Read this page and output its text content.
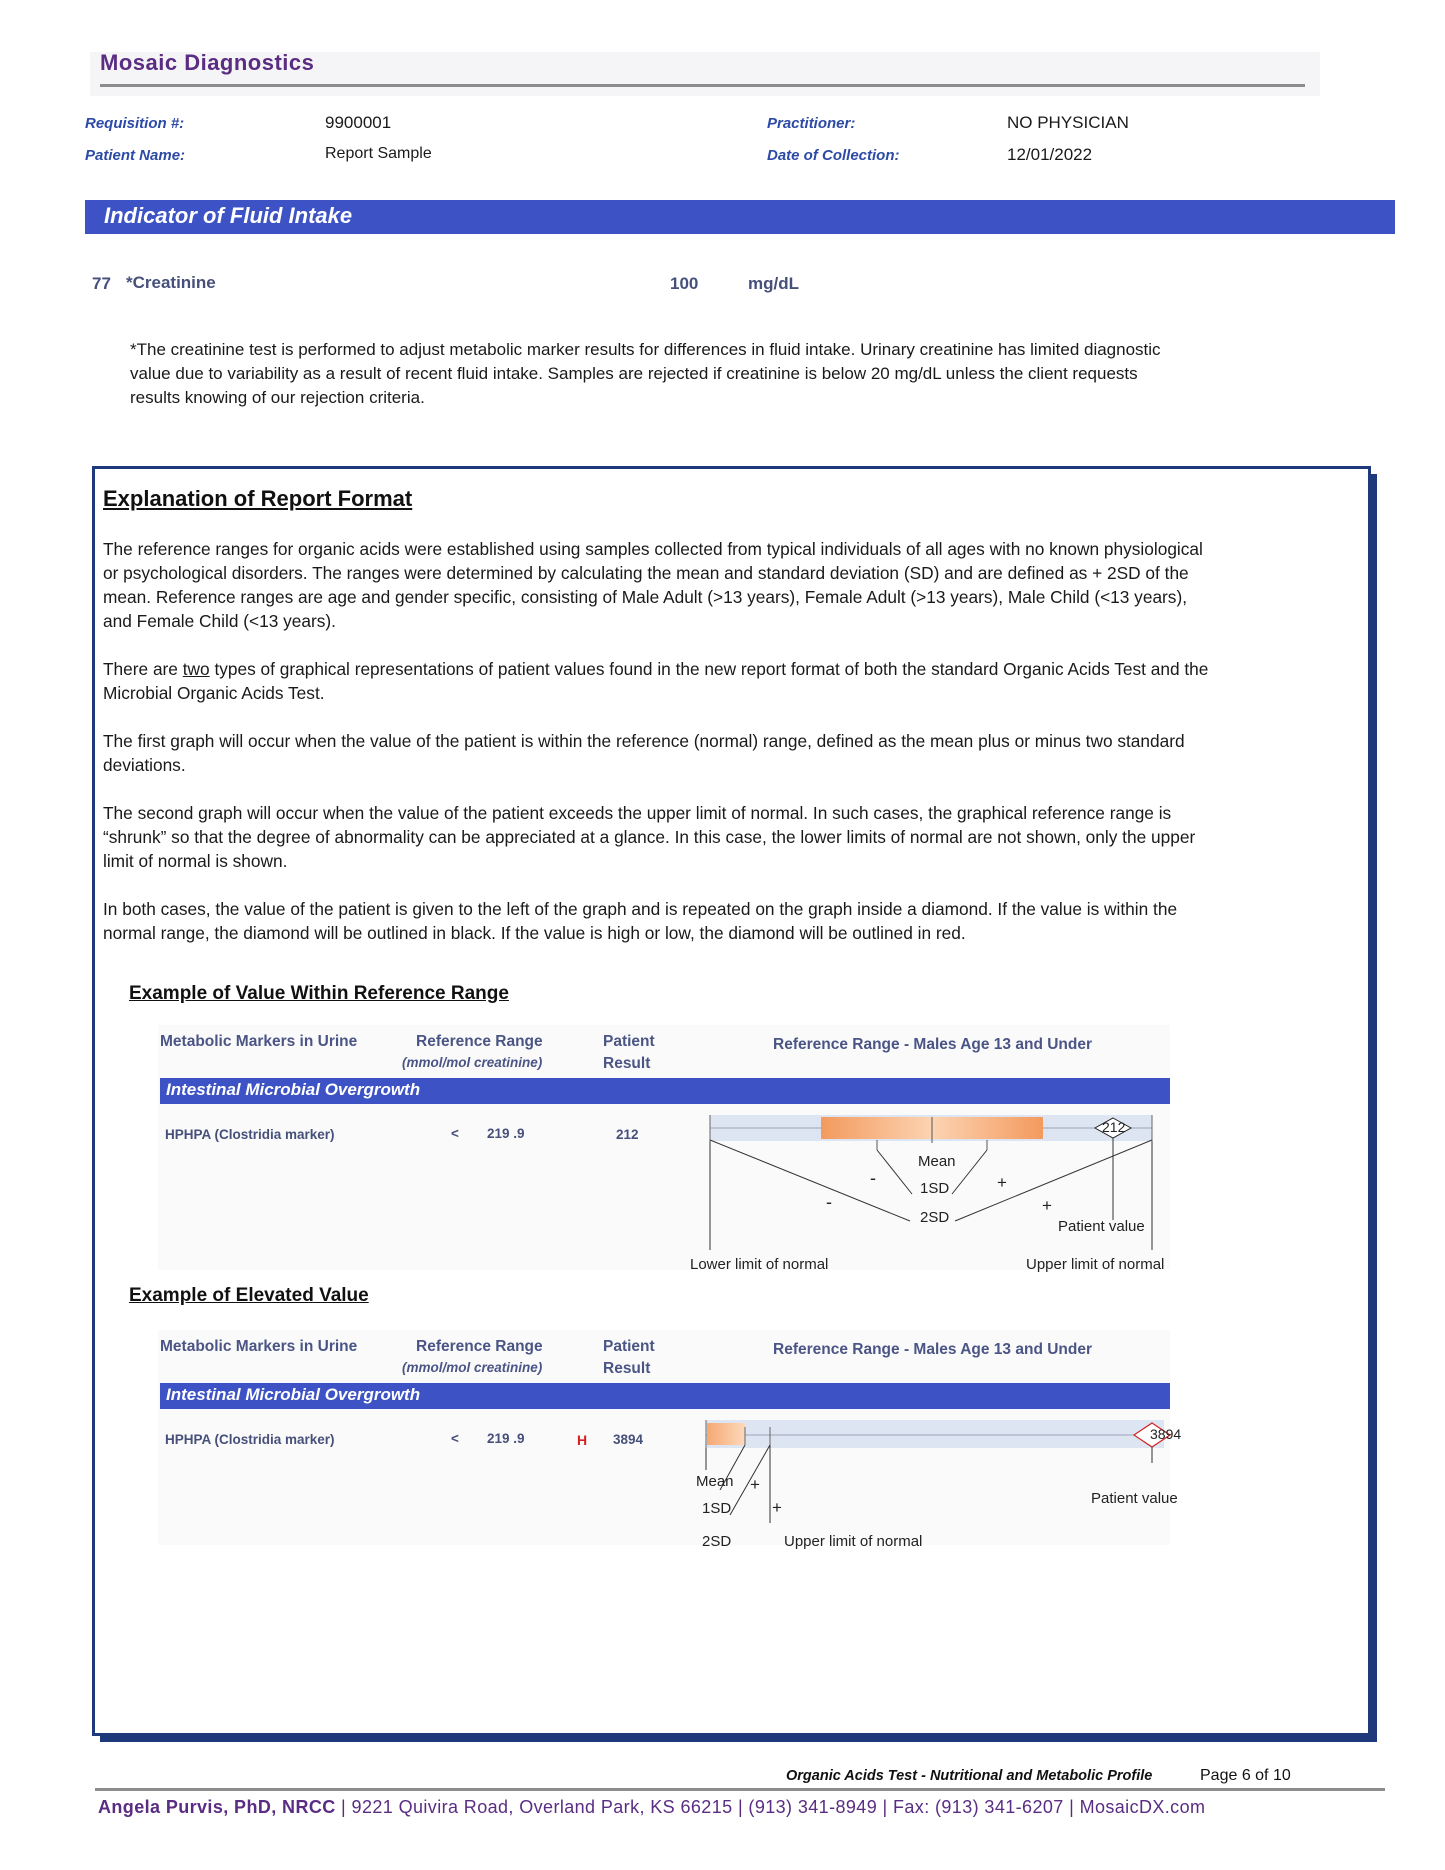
Mosaic Diagnostics
Requisition #:	9900001
Patient Name:	Report Sample
Practitioner:	NO PHYSICIAN
Date of Collection:	12/01/2022
Indicator of Fluid Intake
77 *Creatinine	100	mg/dL
*The creatinine test is performed to adjust metabolic marker results for differences in fluid intake. Urinary creatinine has limited diagnostic value due to variability as a result of recent fluid intake. Samples are rejected if creatinine is below 20 mg/dL unless the client requests results knowing of our rejection criteria.
Explanation of Report Format
The reference ranges for organic acids were established using samples collected from typical individuals of all ages with no known physiological or psychological disorders. The ranges were determined by calculating the mean and standard deviation (SD) and are defined as + 2SD of the mean. Reference ranges are age and gender specific, consisting of Male Adult (>13 years), Female Adult (>13 years), Male Child (<13 years), and Female Child (<13 years).
There are two types of graphical representations of patient values found in the new report format of both the standard Organic Acids Test and the Microbial Organic Acids Test.
The first graph will occur when the value of the patient is within the reference (normal) range, defined as the mean plus or minus two standard deviations.
The second graph will occur when the value of the patient exceeds the upper limit of normal. In such cases, the graphical reference range is “shrunk” so that the degree of abnormality can be appreciated at a glance. In this case, the lower limits of normal are not shown, only the upper limit of normal is shown.
In both cases, the value of the patient is given to the left of the graph and is repeated on the graph inside a diamond. If the value is within the normal range, the diamond will be outlined in black. If the value is high or low, the diamond will be outlined in red.
Example of Value Within Reference Range
Metabolic Markers in Urine	Reference Range
(mmol/mol creatinine)
Patient
Result
Reference Range - Males Age 13 and Under
Intestinal Microbial Overgrowth
HPHPA (Clostridia marker)	< 219 .9	212
Mean
1SD
2SD
-
-
+
+
212
Patient value
Lower limit of normal	Upper limit of normal
Example of Elevated Value
Metabolic Markers in Urine	Reference Range
(mmol/mol creatinine)
Patient
Result
Reference Range - Males Age 13 and Under
Intestinal Microbial Overgrowth
HPHPA (Clostridia marker)	< 219 .9	H 3894	3894
Mean
1SD
2SD
+
+	Patient value
Upper limit of normal
Organic Acids Test - Nutritional and Metabolic Profile	Page 6 of 10
Angela Purvis, PhD, NRCC | 9221 Quivira Road, Overland Park, KS 66215 | (913) 341-8949 | Fax: (913) 341-6207 | MosaicDX.com
